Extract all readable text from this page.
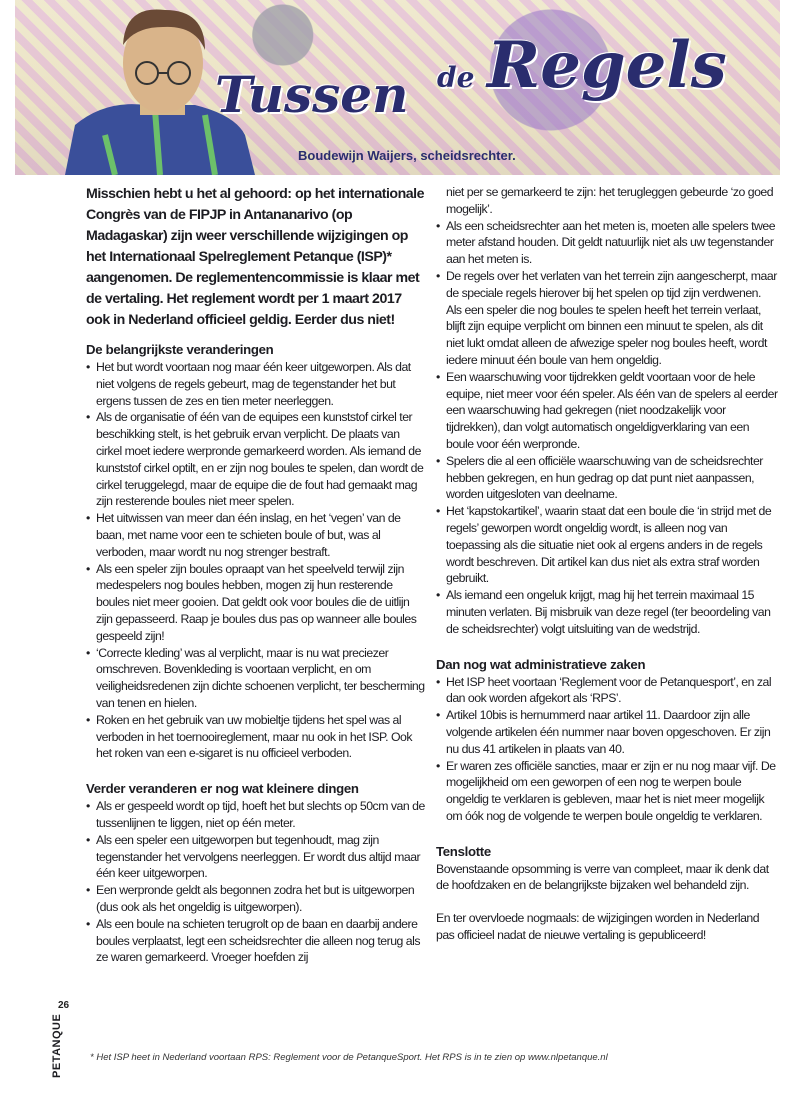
Tussen de Regels
Boudewijn Waijers, scheidsrechter.

Misschien hebt u het al gehoord: op het internationale Congrès van de FIPJP in Antananarivo (op Madagaskar) zijn weer verschillende wijzigingen op het Internationaal Spelreglement Petanque (ISP)* aangenomen. De reglementencommissie is klaar met de vertaling. Het reglement wordt per 1 maart 2017 ook in Nederland officieel geldig. Eerder dus niet!

De belangrijkste veranderingen
• Het but wordt voortaan nog maar één keer uitgeworpen. Als dat niet volgens de regels gebeurt, mag de tegenstander het but ergens tussen de zes en tien meter neerleggen.
• Als de organisatie of één van de equipes een kunststof cirkel ter beschikking stelt, is het gebruik ervan verplicht. De plaats van cirkel moet iedere werpronde gemarkeerd worden. Als iemand de kunststof cirkel optilt, en er zijn nog boules te spelen, dan wordt de cirkel teruggelegd, maar de equipe die de fout had gemaakt mag zijn resterende boules niet meer spelen.
• Het uitwissen van meer dan één inslag, en het ‘vegen’ van de baan, met name voor een te schieten boule of but, was al verboden, maar wordt nu nog strenger bestraft.
• Als een speler zijn boules opraapt van het speelveld terwijl zijn medespelers nog boules hebben, mogen zij hun resterende boules niet meer gooien. Dat geldt ook voor boules die de uitlijn zijn gepasseerd. Raap je boules dus pas op wanneer alle boules gespeeld zijn!
• ‘Correcte kleding’ was al verplicht, maar is nu wat preciezer omschreven. Bovenkleding is voortaan verplicht, en om veiligheidsredenen zijn dichte schoenen verplicht, ter bescherming van tenen en hielen.
• Roken en het gebruik van uw mobieltje tijdens het spel was al verboden in het toernooireglement, maar nu ook in het ISP. Ook het roken van een e-sigaret is nu officieel verboden.
Verder veranderen er nog wat kleinere dingen
• Als er gespeeld wordt op tijd, hoeft het but slechts op 50cm van de tussenlijnen te liggen, niet op één meter.
• Als een speler een uitgeworpen but tegenhoudt, mag zijn tegenstander het vervolgens neerleggen. Er wordt dus altijd maar één keer uitgeworpen.
• Een werpronde geldt als begonnen zodra het but is uitgeworpen (dus ook als het ongeldig is uitgeworpen).
• Als een boule na schieten terugrolt op de baan en daarbij andere boules verplaatst, legt een scheidsrechter die alleen nog terug als ze waren gemarkeerd. Vroeger hoefden zij

niet per se gemarkeerd te zijn: het terugleggen gebeurde ‘zo goed mogelijk’.

• Als een scheidsrechter aan het meten is, moeten alle spelers twee meter afstand houden. Dit geldt natuurlijk niet als uw tegenstander aan het meten is.
• De regels over het verlaten van het terrein zijn aangescherpt, maar de speciale regels hierover bij het spelen op tijd zijn verdwenen. Als een speler die nog boules te spelen heeft het terrein verlaat, blijft zijn equipe verplicht om binnen een minuut te spelen, als dit niet lukt omdat alleen de afwezige speler nog boules heeft, wordt iedere minuut één boule van hem ongeldig.
• Een waarschuwing voor tijdrekken geldt voortaan voor de hele equipe, niet meer voor één speler. Als één van de spelers al eerder een waarschuwing had gekregen (niet noodzakelijk voor tijdrekken), dan volgt automatisch ongeldigverklaring van een boule voor één werpronde.
• Spelers die al een officiële waarschuwing van de scheidsrechter hebben gekregen, en hun gedrag op dat punt niet aanpassen, worden uitgesloten van deelname.
• Het ‘kapstokartikel’, waarin staat dat een boule die ‘in strijd met de regels’ geworpen wordt ongeldig wordt, is alleen nog van toepassing als die situatie niet ook al ergens anders in de regels wordt beschreven. Dit artikel kan dus niet als extra straf worden gebruikt.
• Als iemand een ongeluk krijgt, mag hij het terrein maximaal 15 minuten verlaten. Bij misbruik van deze regel (ter beoordeling van de scheidsrechter) volgt uitsluiting van de wedstrijd.
Dan nog wat administratieve zaken
• Het ISP heet voortaan ‘Reglement voor de Petanquesport’, en zal dan ook worden afgekort als ‘RPS’.
• Artikel 10bis is hernummerd naar artikel 11. Daardoor zijn alle volgende artikelen één nummer naar boven opgeschoven. Er zijn nu dus 41 artikelen in plaats van 40.
• Er waren zes officiële sancties, maar er zijn er nu nog maar vijf. De mogelijkheid om een geworpen of een nog te werpen boule ongeldig te verklaren is gebleven, maar het is niet meer mogelijk om óók nog de volgende te werpen boule ongeldig te verklaren.
Tenslotte

Bovenstaande opsomming is verre van compleet, maar ik denk dat de hoofdzaken en de belangrijkste bijzaken wel behandeld zijn.

En ter overvloede nogmaals: de wijzigingen worden in Nederland pas officieel nadat de nieuwe vertaling is gepubliceerd!

* Het ISP heet in Nederland voortaan RPS: Reglement voor de PetanqueSport. Het RPS is in te zien op www.nlpetanque.nl
26
PETANQUE
